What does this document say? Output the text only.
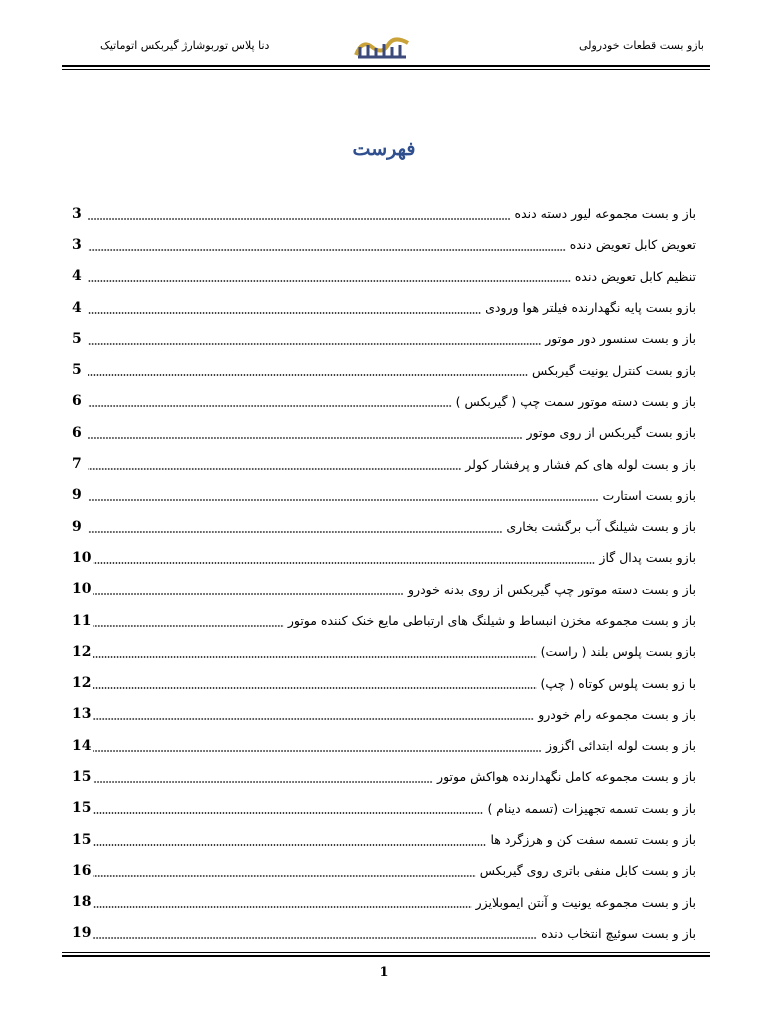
بازو بست قطعات خودرولی
ایساکو
دنا پلاس توربوشارژ گیربکس اتوماتیک
فهرست
باز و بست مجموعه لیور دسته دنده
3
تعویض کابل تعویض دنده
3
تنظیم کابل تعویض دنده
4
بازو بست پایه نگهدارنده فیلتر هوا ورودی
4
باز و بست سنسور دور موتور
5
بازو بست کنترل یونیت گیربکس
5
باز و بست دسته موتور سمت چپ ( گیربکس )
6
بازو بست گیربکس از روی موتور
6
باز و بست لوله های کم فشار و پرفشار کولر
7
بازو بست استارت
9
باز و بست شیلنگ آب برگشت بخاری
9
بازو بست پدال گاز
10
باز و بست دسته موتور چپ گیربکس از روی بدنه خودرو
10
باز و بست مجموعه مخزن انبساط و شیلنگ های ارتباطی مایع خنک کننده موتور
11
بازو بست پلوس بلند ( راست)
12
با زو بست پلوس کوتاه ( چپ)
12
باز و بست مجموعه رام خودرو
13
باز و بست لوله ابتدائی اگزوز
14
باز و بست مجموعه کامل نگهدارنده هواکش موتور
15
باز و بست تسمه تجهیزات (تسمه دینام )
15
باز و بست تسمه سفت کن و هرزگرد ها
15
باز و بست کابل منفی باتری روی گیربکس
16
باز و بست مجموعه یونیت و آنتن ایموبلایزر
18
باز و بست سوئیچ انتخاب دنده
19
1
